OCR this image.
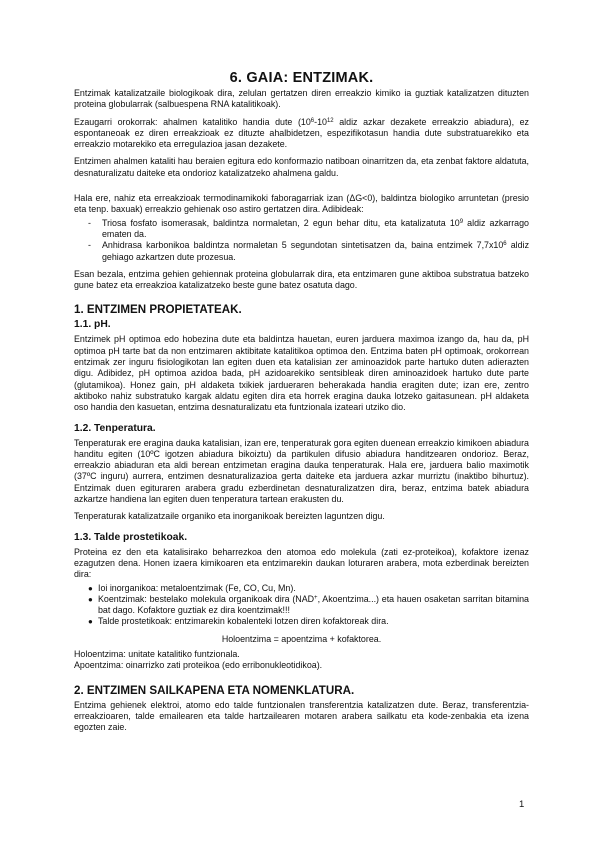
6. GAIA: ENTZIMAK.

Entzimak katalizatzaile biologikoak dira, zelulan gertatzen diren erreakzio kimiko ia guztiak katalizatzen dituzten proteina globularrak (salbuespena RNA katalitikoak).

Ezaugarri orokorrak: ahalmen katalitiko handia dute ($10^6-10^{12}$ aldiz azkar dezakete erreakzio abiadura), ez espontaneoak ez diren erreakzioak ez dituzte ahalbidetzen, espezifikotasun handia dute substratuarekiko eta erreakzio motarekiko eta erregulazioa jasan dezakete.

Entzimen ahalmen kataliti hau beraien egitura edo konformazio natiboan oinarritzen da, eta zenbat faktore aldatuta, desnaturalizatu daiteke eta ondorioz katalizatzeko ahalmena galdu.

Hala ere, nahiz eta erreakzioak termodinamikoki faboragarriak izan (ΔG<0), baldintza biologiko arruntetan (presio eta tenp. baxuak) erreakzio gehienak oso astiro gertatzen dira. Adibideak:

- Triosa fosfato isomerasak, baldintza normaletan, 2 egun behar ditu, eta katalizatuta $10^9$ aldiz azkarrago ematen da.
- Anhidrasa karbonikoa baldintza normaletan 5 segundotan sintetisatzen da, baina entzimek $7,7x10^6$ aldiz gehiago azkartzen dute prozesua.

Esan bezala, entzima gehien gehiennak proteina globularrak dira, eta entzimaren gune aktiboa substratua batzeko gune batez eta erreakzioa katalizatzeko beste gune batez osatuta dago.

1. ENTZIMEN PROPIETATEAK.
1.1. pH.

Entzimek pH optimoa edo hobezina dute eta baldintza hauetan, euren jarduera maximoa izango da, hau da, pH optimoa pH tarte bat da non entzimaren aktibitate katalitikoa optimoa den. Entzima baten pH optimoak, orokorrean entzimak zer inguru fisiologikotan lan egiten duen eta katalisian zer aminoazidok parte hartuko duten adierazten digu. Adibidez, pH optimoa azidoa bada, pH azidoarekiko sentsibleak diren aminoazidoek hartuko dute parte (glutamikoa). Honez gain, pH aldaketa txikiek jardueraren beherakada handia eragiten dute; izan ere, zentro aktiboko nahiz substratuko kargak aldatu egiten dira eta horrek eragina dauka lotzeko gaitasunean. pH aldaketa oso handia den kasuetan, entzima desnaturalizatu eta funtzionala izateari utziko dio.

1.2. Tenperatura.

Tenperaturak ere eragina dauka katalisian, izan ere, tenperaturak gora egiten duenean erreakzio kimikoen abiadura handitu egiten (10ºC igotzen abiadura bikoiztu) da partikulen difusio abiadura handitzearen ondorioz. Beraz, erreakzio abiaduran eta aldi berean entzimetan eragina dauka tenperaturak. Hala ere, jarduera balio maximotik (37ºC inguru) aurrera, entzimen desnaturalizazioa gerta daiteke eta jarduera azkar murriztu (inaktibo bihurtuz). Entzimak duen egituraren arabera gradu ezberdinetan desnaturalizatzen dira, beraz, entzima batek abiadura azkartze handiena lan egiten duen tenperatura tartean erakusten du.

Tenperaturak katalizatzaile organiko eta inorganikoak bereizten laguntzen digu.

1.3. Talde prostetikoak.

Proteina ez den eta katalisirako beharrezkoa den atomoa edo molekula (zati ez-proteikoa), kofaktore izenaz ezagutzen dena. Honen izaera kimikoaren eta entzimarekin daukan loturaren arabera, mota ezberdinak bereizten dira:

● Ioi inorganikoa: metaloentzimak (Fe, CO, Cu, Mn).
● Koentzimak: bestelako molekula organikoak dira (NAD+, Akoentzima...) eta hauen osaketan sarritan bitamina bat dago. Kofaktore guztiak ez dira koentzimak!!!
● Talde prostetikoak: entzimarekin kobalenteki lotzen diren kofaktoreak dira.
Holoentzima = apoentzima + kofaktorea.
Holoentzima: unitate katalitiko funtzionala.
Apoentzima: oinarrizko zati proteikoa (edo erribonukleotidikoa).
2. ENTZIMEN SAILKAPENA ETA NOMENKLATURA.

Entzima gehienek elektroi, atomo edo talde funtzionalen transferentzia katalizatzen dute. Beraz, transferentzia-erreakzioaren, talde emailearen eta talde hartzailearen motaren arabera sailkatu eta kode-zenbakia eta izena egozten zaie.

1
